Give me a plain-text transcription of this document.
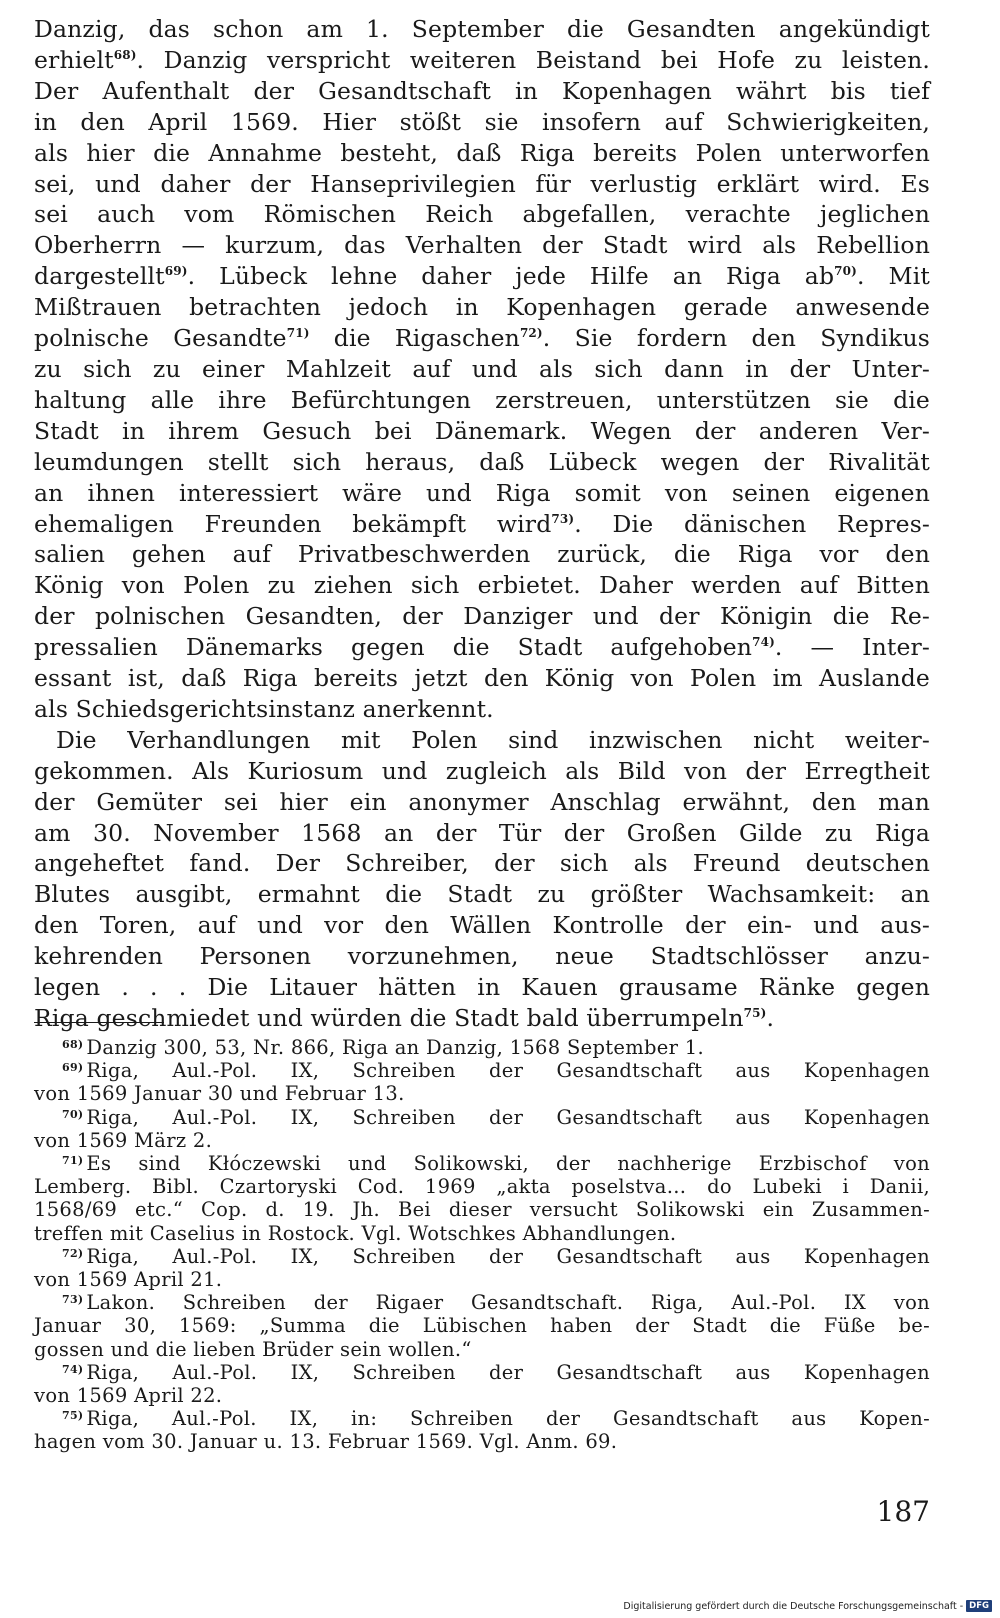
Danzig, das schon am 1. September die Gesandten angekündigt
erhielt$^{68)}$. Danzig verspricht weiteren Beistand bei Hofe zu leisten.
Der Aufenthalt der Gesandtschaft in Kopenhagen währt bis tief
in den April 1569. Hier stößt sie insofern auf Schwierigkeiten,
als hier die Annahme besteht, daß Riga bereits Polen unterworfen
sei, und daher der Hanseprivilegien für verlustig erklärt wird. Es
sei auch vom Römischen Reich abgefallen, verachte jeglichen
Oberherrn — kurzum, das Verhalten der Stadt wird als Rebellion
dargestellt$^{69)}$. Lübeck lehne daher jede Hilfe an Riga $ab^{70)}$. Mit
Mißtrauen betrachten jedoch in Kopenhagen gerade anwesende
polnische Gesandte$^{71)}$ die Rigaschen$^{72)}$. Sie fordern den Syndikus
zu sich zu einer Mahlzeit auf und als sich dann in der Unter-
haltung alle ihre Befürchtungen zerstreuen, unterstützen sie die
Stadt in ihrem Gesuch bei Dänemark. Wegen der anderen Ver-
leumdungen stellt sich heraus, daß Lübeck wegen der Rivalität
an ihnen interessiert wäre und Riga somit von seinen eigenen
ehemaligen Freunden bekämpft wird$^{73)}$. Die dänischen Repres-
salien gehen auf Privatbeschwerden zurück, die Riga vor den
König von Polen zu ziehen sich erbietet. Daher werden auf Bitten
der polnischen Gesandten, der Danziger und der Königin die Re-
pressalien Dänemarks gegen die Stadt aufgehoben$^{74)}$. — Inter-
essant ist, daß Riga bereits jetzt den König von Polen im Auslande
als Schiedsgerichtsinstanz anerkennt.
Die Verhandlungen mit Polen sind inzwischen nicht weiter-
gekommen. Als Kuriosum und zugleich als Bild von der Erregtheit
der Gemüter sei hier ein anonymer Anschlag erwähnt, den man
am 30. November 1568 an der Tür der Großen Gilde zu Riga
angeheftet fand. Der Schreiber, der sich als Freund deutschen
Blutes ausgibt, ermahnt die Stadt zu größter Wachsamkeit: an
den Toren, auf und vor den Wällen Kontrolle der ein- und aus-
kehrenden Personen vorzunehmen, neue Stadtschlösser anzu-
legen . . . Die Litauer hätten in Kauen grausame Ränke gegen
Riga geschmiedet und würden die Stadt bald überrumpeln$^{75)}$.
$^{68)}$ Danzig 300, 53, Nr. 866, Riga an Danzig, 1568 September 1.
$^{69)}$ Riga, Aul.-Pol. IX, Schreiben der Gesandtschaft aus Kopenhagen
von 1569 Januar 30 und Februar 13.
$^{70)}$ Riga, Aul.-Pol. IX, Schreiben der Gesandtschaft aus Kopenhagen
von 1569 März 2.
$^{71)}$ Es sind Kłóczewski und Solikowski, der nachherige Erzbischof von
Lemberg. Bibl. Czartoryski Cod. 1969 „akta poselstva… do Lubeki i Danii,
1568/69 etc.“ Cop. d. 19. Jh. Bei dieser versucht Solikowski ein Zusammen-
treffen mit Caselius in Rostock. Vgl. Wotschkes Abhandlungen.
$^{72)}$ Riga, Aul.-Pol. IX, Schreiben der Gesandtschaft aus Kopenhagen
von 1569 April 21.
$^{73)}$ Lakon. Schreiben der Rigaer Gesandtschaft. Riga, Aul.-Pol. IX von
Januar 30, 1569: „Summa die Lübischen haben der Stadt die Füße be-
gossen und die lieben Brüder sein wollen.“
$^{74)}$ Riga, Aul.-Pol. IX, Schreiben der Gesandtschaft aus Kopenhagen
von 1569 April 22.
$^{75)}$ Riga, Aul.-Pol. IX, in: Schreiben der Gesandtschaft aus Kopen-
hagen vom 30. Januar u. 13. Februar 1569. Vgl. Anm. 69.
187
Digitalisierung gefördert durch die Deutsche Forschungsgemeinschaft - DFG
